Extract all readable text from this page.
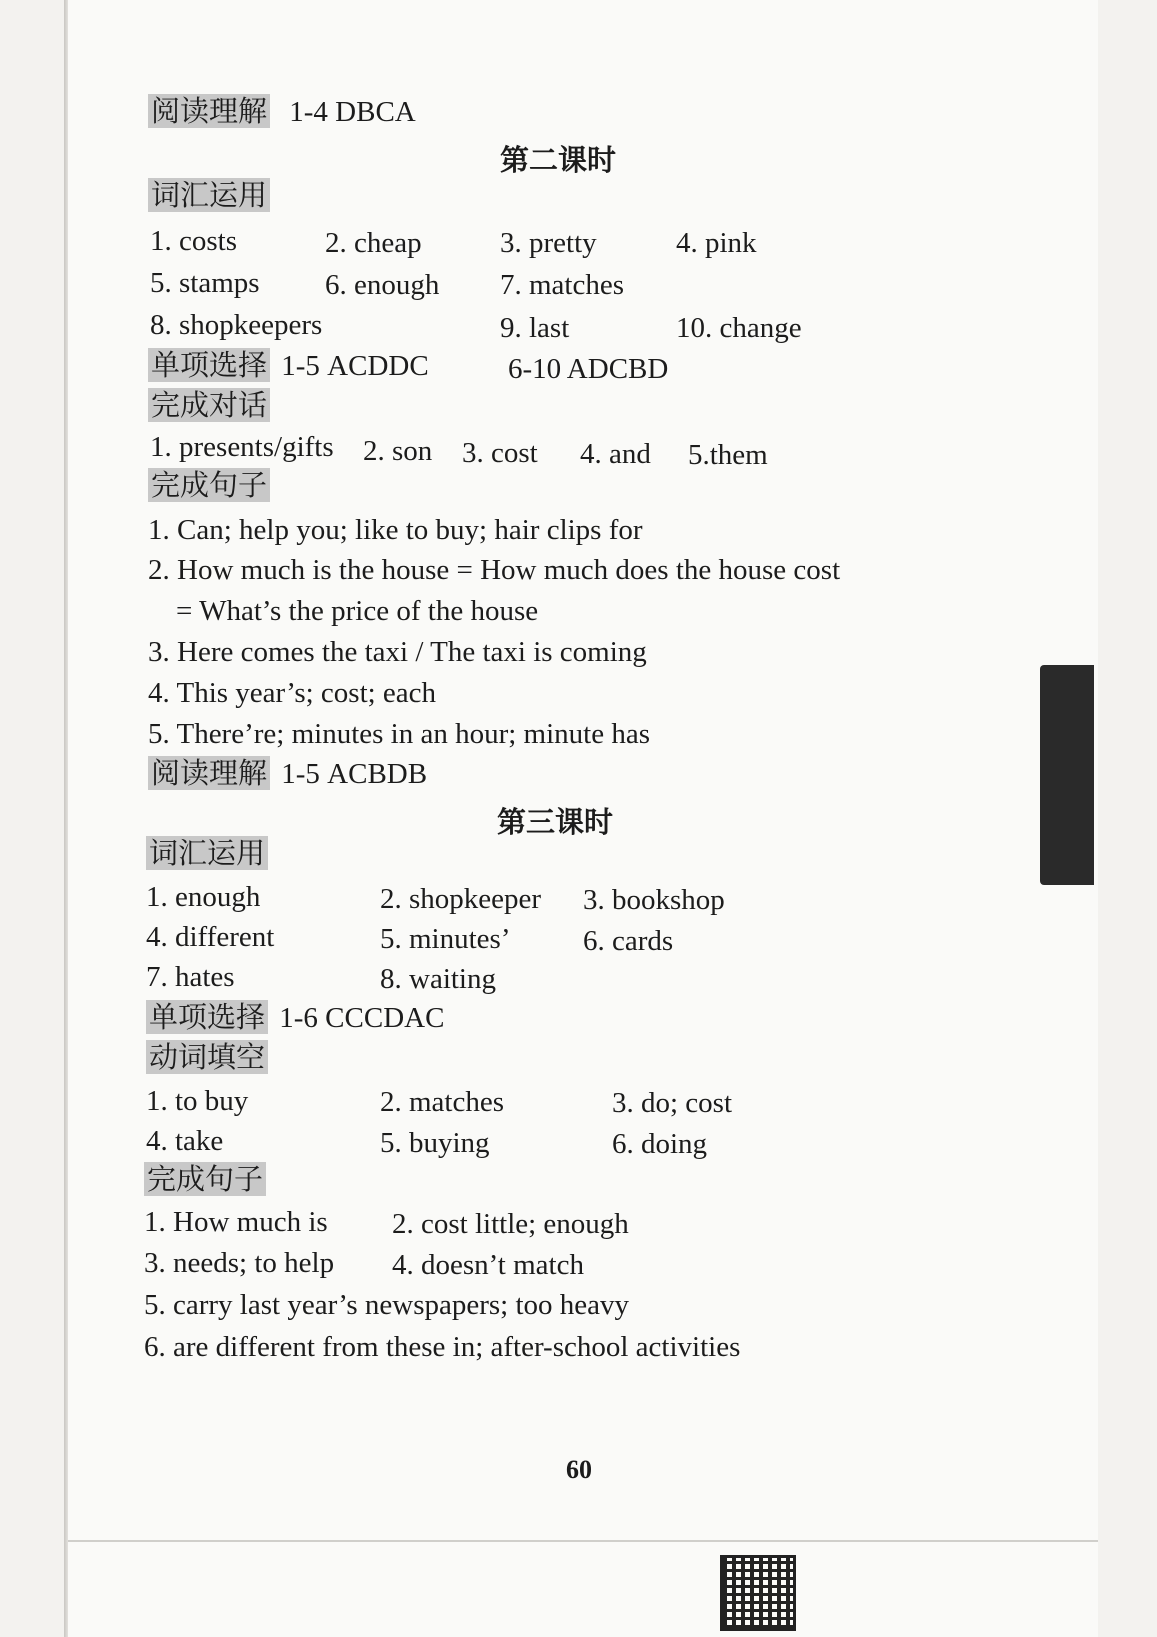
阅读理解 1-4 DBCA
第二课时
词汇运用
1. costs	2. cheap	3. pretty	4. pink
5. stamps 6. enough 7. matches
8. shopkeepers	9. last	10. change
单项选择 1-5 ACDDC	6-10 ADCBD
完成对话
1. presents/gifts 2. son 3. cost 4. and 5.them
完成句子
1. Can; help you; like to buy; hair clips for
2. How much is the house = How much does the house cost
= What’s the price of the house
3. Here comes the taxi / The taxi is coming
4. This year’s; cost; each
5. There’re; minutes in an hour; minute has
阅读理解 1-5 ACBDB
第三课时
词汇运用
1. enough	2. shopkeeper 3. bookshop
4. different	5. minutes’	6. cards
7. hates	8. waiting
单项选择 1-6 CCCDAC
动词填空
1. to buy	2. matches	3. do; cost
4. take	5. buying	6. doing
完成句子
1. How much is 2. cost little; enough
3. needs; to help 4. doesn’t match
5. carry last year’s newspapers; too heavy
6. are different from these in; after-school activities
60
